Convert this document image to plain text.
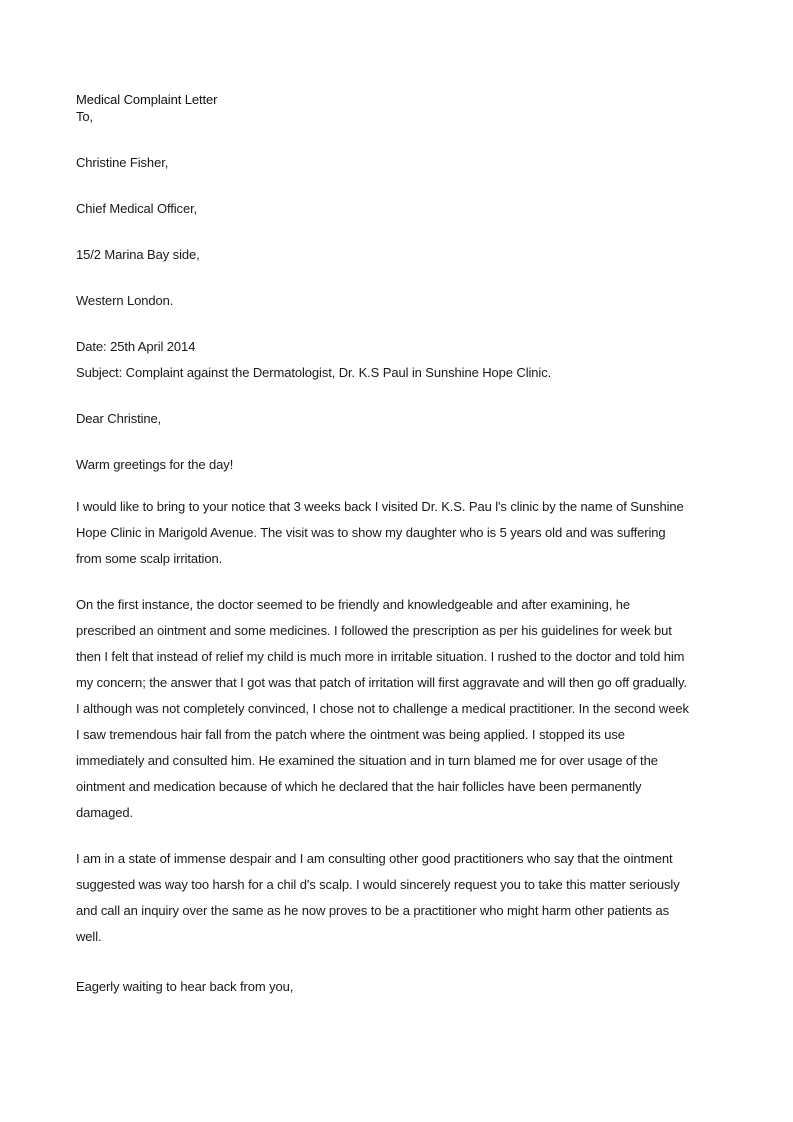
Medical Complaint Letter
To,
Christine Fisher,
Chief Medical Officer,
15/2 Marina Bay side,
Western London.
Date: 25th April 2014
Subject: Complaint against the Dermatologist, Dr. K.S Paul in Sunshine Hope Clinic.
Dear Christine,
Warm greetings for the day!
I would like to bring to your notice that 3 weeks back I visited Dr. K.S. Pau l's clinic by the name of Sunshine
Hope Clinic in Marigold Avenue. The visit was to show my daughter who is 5 years old and was suffering
from some scalp irritation.
On the first instance, the doctor seemed to be friendly and knowledgeable and after examining, he
prescribed an ointment and some medicines. I followed the prescription as per his guidelines for week but
then I felt that instead of relief my child is much more in irritable situation. I rushed to the doctor and told him
my concern; the answer that I got was that patch of irritation will first aggravate and will then go off gradually.
I although was not completely convinced, I chose not to challenge a medical practitioner. In the second week
I saw tremendous hair fall from the patch where the ointment was being applied. I stopped its use
immediately and consulted him. He examined the situation and in turn blamed me for over usage of the
ointment and medication because of which he declared that the hair follicles have been permanently
damaged.
I am in a state of immense despair and I am consulting other good practitioners who say that the ointment
suggested was way too harsh for a chil d's scalp. I would sincerely request you to take this matter seriously
and call an inquiry over the same as he now proves to be a practitioner who might harm other patients as
well.
Eagerly waiting to hear back from you,
